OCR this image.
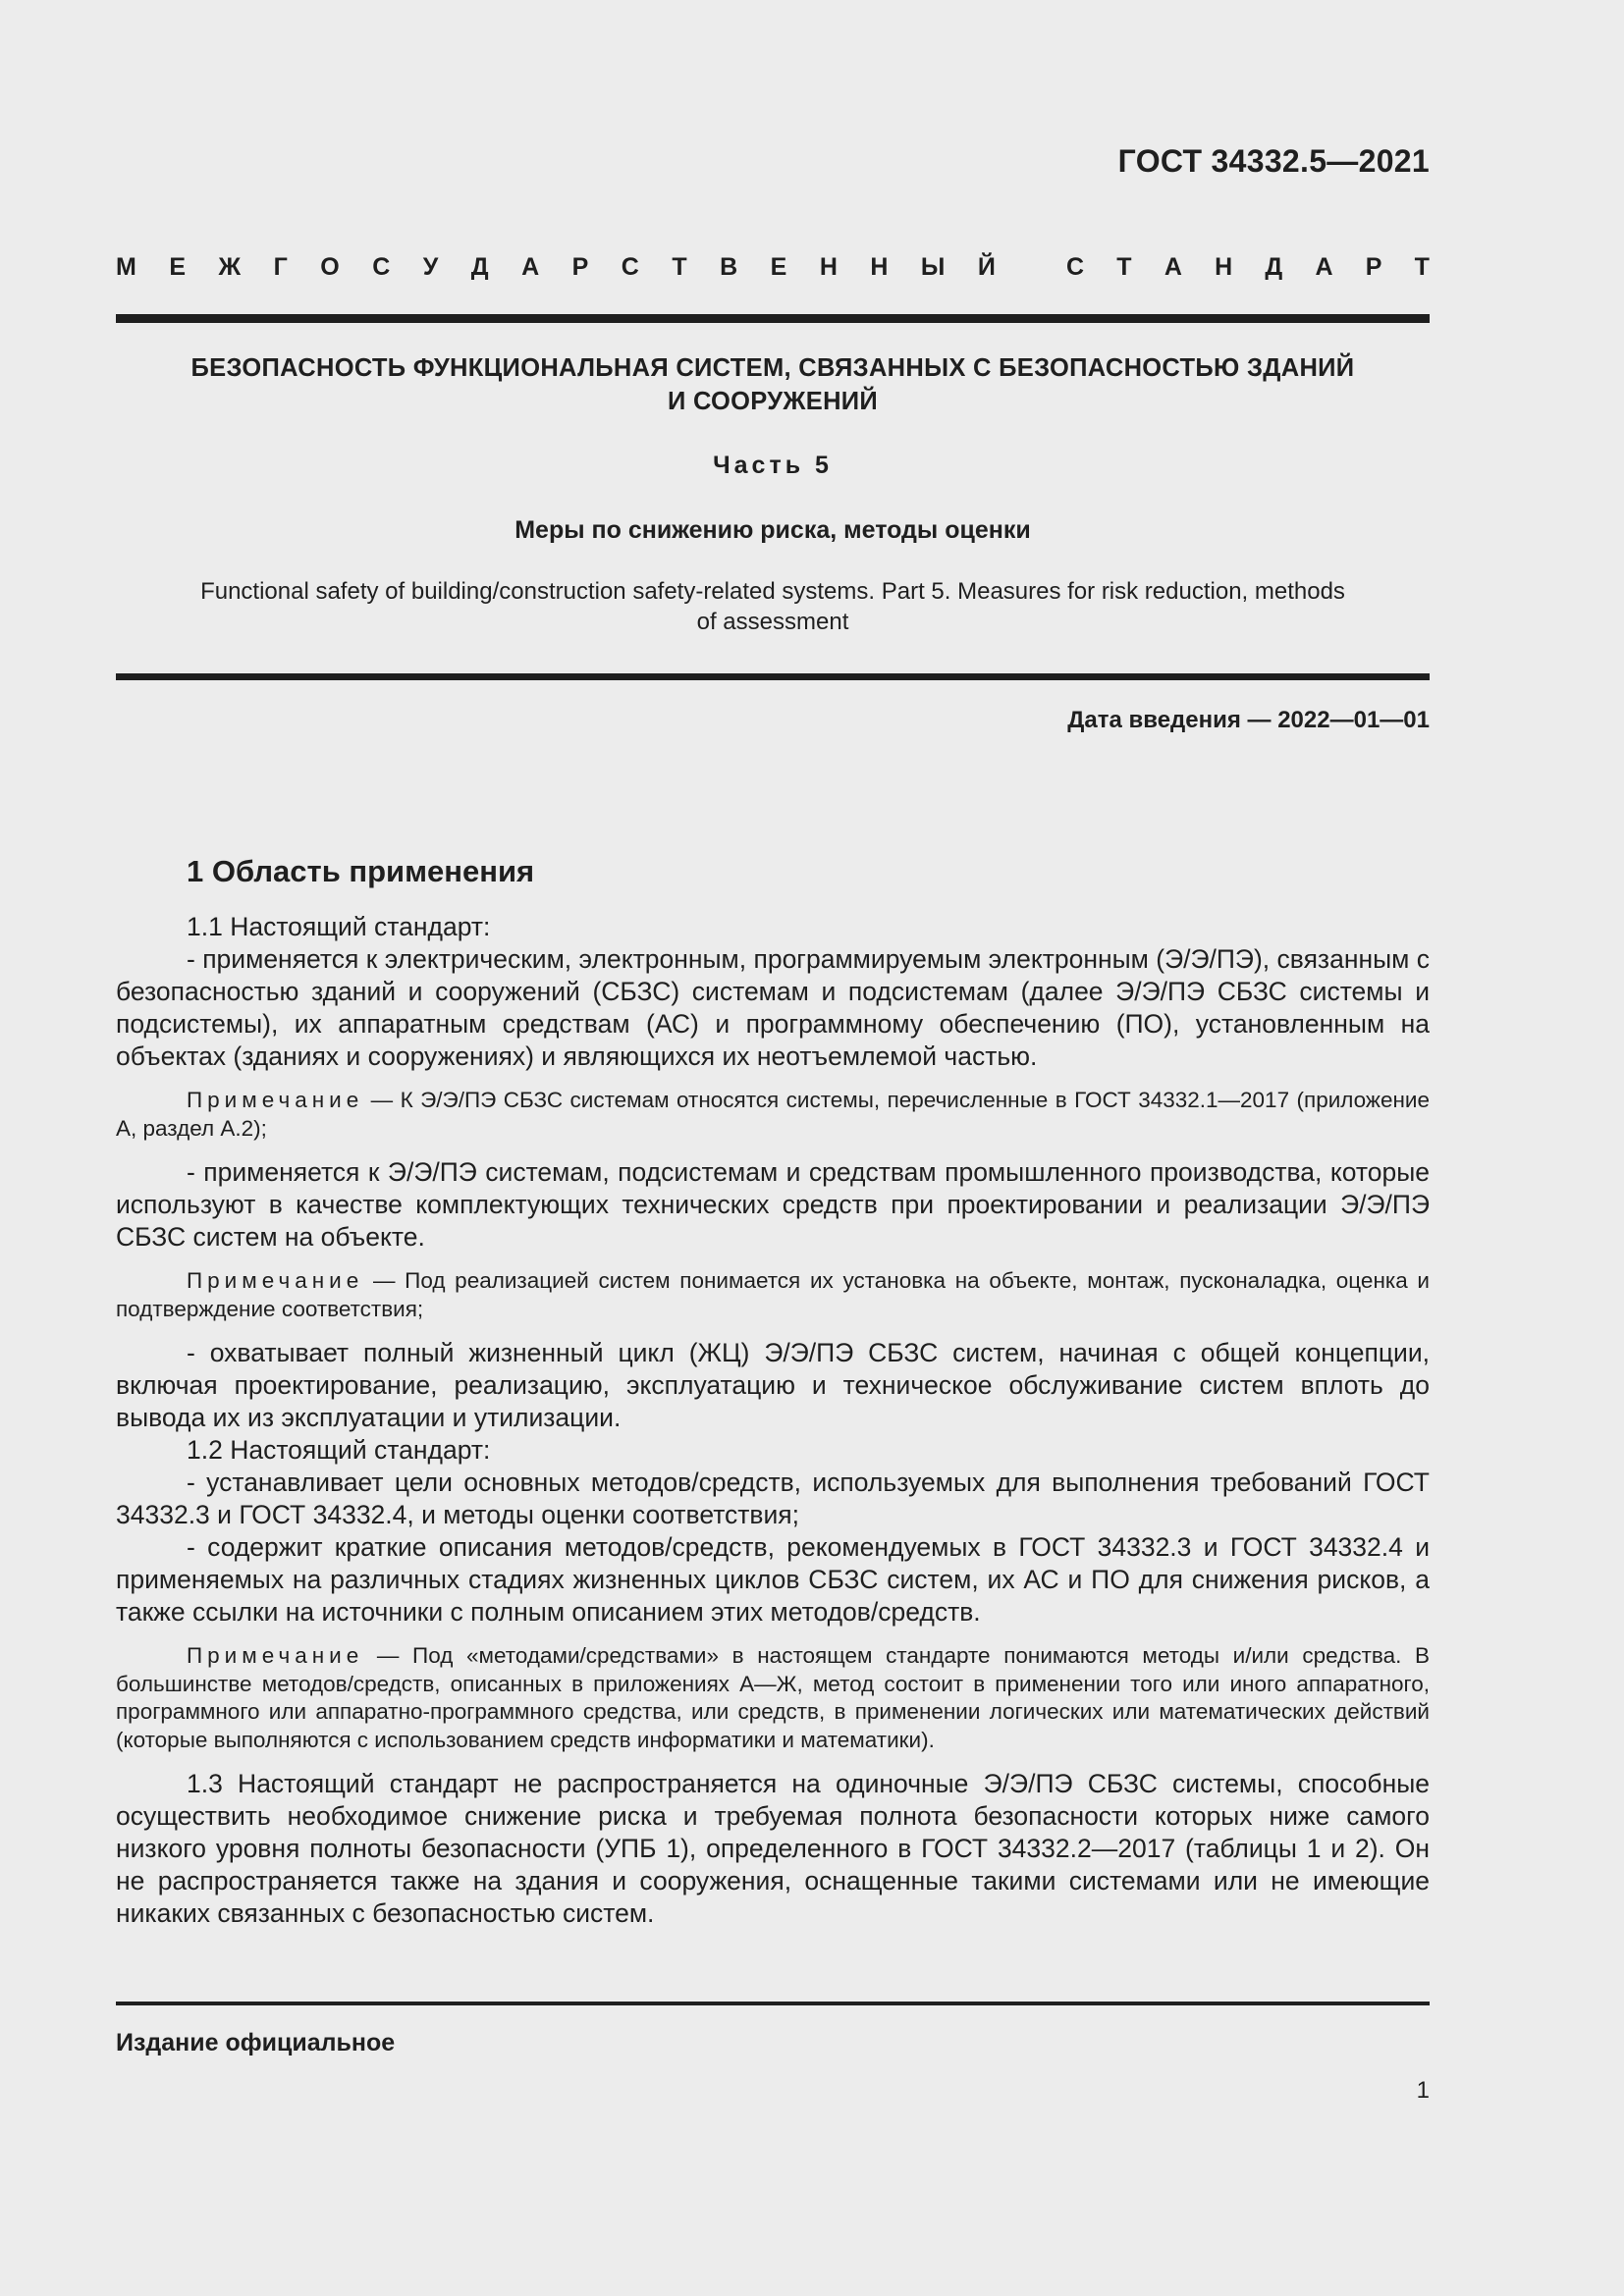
ГОСТ 34332.5—2021
М Е Ж Г О С У Д А Р С Т В Е Н Н Ы Й	С Т А Н Д А Р Т
БЕЗОПАСНОСТЬ ФУНКЦИОНАЛЬНАЯ СИСТЕМ, СВЯЗАННЫХ С БЕЗОПАСНОСТЬЮ ЗДАНИЙ
И СООРУЖЕНИЙ
Часть 5
Меры по снижению риска, методы оценки
Functional safety of building/construction safety-related systems. Part 5. Measures for risk reduction, methods
of assessment
Дата введения — 2022—01—01
1 Область применения

1.1 Настоящий стандарт:

- применяется к электрическим, электронным, программируемым электронным (Э/Э/ПЭ), связанным с безопасностью зданий и сооружений (СБЗС) системам и подсистемам (далее Э/Э/ПЭ СБЗС системы и подсистемы), их аппаратным средствам (АС) и программному обеспечению (ПО), установленным на объектах (зданиях и сооружениях) и являющихся их неотъемлемой частью.

Примечание — К Э/Э/ПЭ СБЗС системам относятся системы, перечисленные в ГОСТ 34332.1—2017 (приложение А, раздел А.2);

- применяется к Э/Э/ПЭ системам, подсистемам и средствам промышленного производства, которые используют в качестве комплектующих технических средств при проектировании и реализации Э/Э/ПЭ СБЗС систем на объекте.

Примечание — Под реализацией систем понимается их установка на объекте, монтаж, пусконаладка, оценка и подтверждение соответствия;

- охватывает полный жизненный цикл (ЖЦ) Э/Э/ПЭ СБЗС систем, начиная с общей концепции, включая проектирование, реализацию, эксплуатацию и техническое обслуживание систем вплоть до вывода их из эксплуатации и утилизации.

1.2 Настоящий стандарт:

- устанавливает цели основных методов/средств, используемых для выполнения требований ГОСТ 34332.3 и ГОСТ 34332.4, и методы оценки соответствия;

- содержит краткие описания методов/средств, рекомендуемых в ГОСТ 34332.3 и ГОСТ 34332.4 и применяемых на различных стадиях жизненных циклов СБЗС систем, их АС и ПО для снижения рисков, а также ссылки на источники с полным описанием этих методов/средств.

Примечание — Под «методами/средствами» в настоящем стандарте понимаются методы и/или средства. В большинстве методов/средств, описанных в приложениях А—Ж, метод состоит в применении того или иного аппаратного, программного или аппаратно-программного средства, или средств, в применении логических или математических действий (которые выполняются с использованием средств информатики и математики).

1.3 Настоящий стандарт не распространяется на одиночные Э/Э/ПЭ СБЗС системы, способные осуществить необходимое снижение риска и требуемая полнота безопасности которых ниже самого низкого уровня полноты безопасности (УПБ 1), определенного в ГОСТ 34332.2—2017 (таблицы 1 и 2). Он не распространяется также на здания и сооружения, оснащенные такими системами или не имеющие никаких связанных с безопасностью систем.

Издание официальное
1
